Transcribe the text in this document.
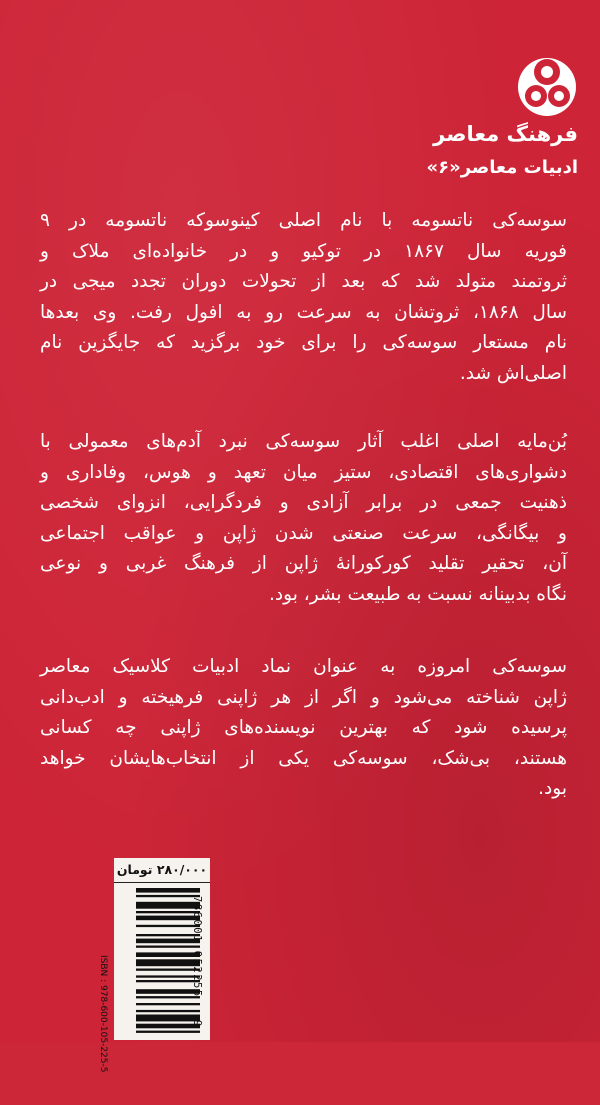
فرهنگ معاصر
ادبیات معاصر«۶»
سوسه‌کی ناتسومه با نام اصلی کینوسوکه ناتسومه در ۹
فوریه سال ۱۸۶۷ در توکیو و در خانواده‌ای ملاک و
ثروتمند متولد شد که بعد از تحولات دوران تجدد میجی در
سال ۱۸۶۸، ثروتشان به سرعت رو به افول رفت. وی بعدها
نام مستعار سوسه‌کی را برای خود برگزید که جایگزین نام
اصلی‌اش شد.
بُن‌مایه اصلی اغلب آثار سوسه‌کی نبرد آدم‌های معمولی با
دشواری‌های اقتصادی، ستیز میان تعهد و هوس، وفاداری و
ذهنیت جمعی در برابر آزادی و فردگرایی، انزوای شخصی
و بیگانگی، سرعت صنعتی شدن ژاپن و عواقب اجتماعی
آن، تحقیر تقلید کورکورانهٔ ژاپن از فرهنگ غربی و نوعی
نگاه بدبینانه نسبت به طبیعت بشر، بود.
سوسه‌کی امروزه به عنوان نماد ادبیات کلاسیک معاصر
ژاپن شناخته می‌شود و اگر از هر ژاپنی فرهیخته و ادب‌دانی
پرسیده شود که بهترین نویسنده‌های ژاپنی چه کسانی
هستند، بی‌شک، سوسه‌کی یکی از انتخاب‌هایشان خواهد
بود.
۲۸۰/۰۰۰ تومان
ISBN : 978-600-105-225-5
786001 052255
9
